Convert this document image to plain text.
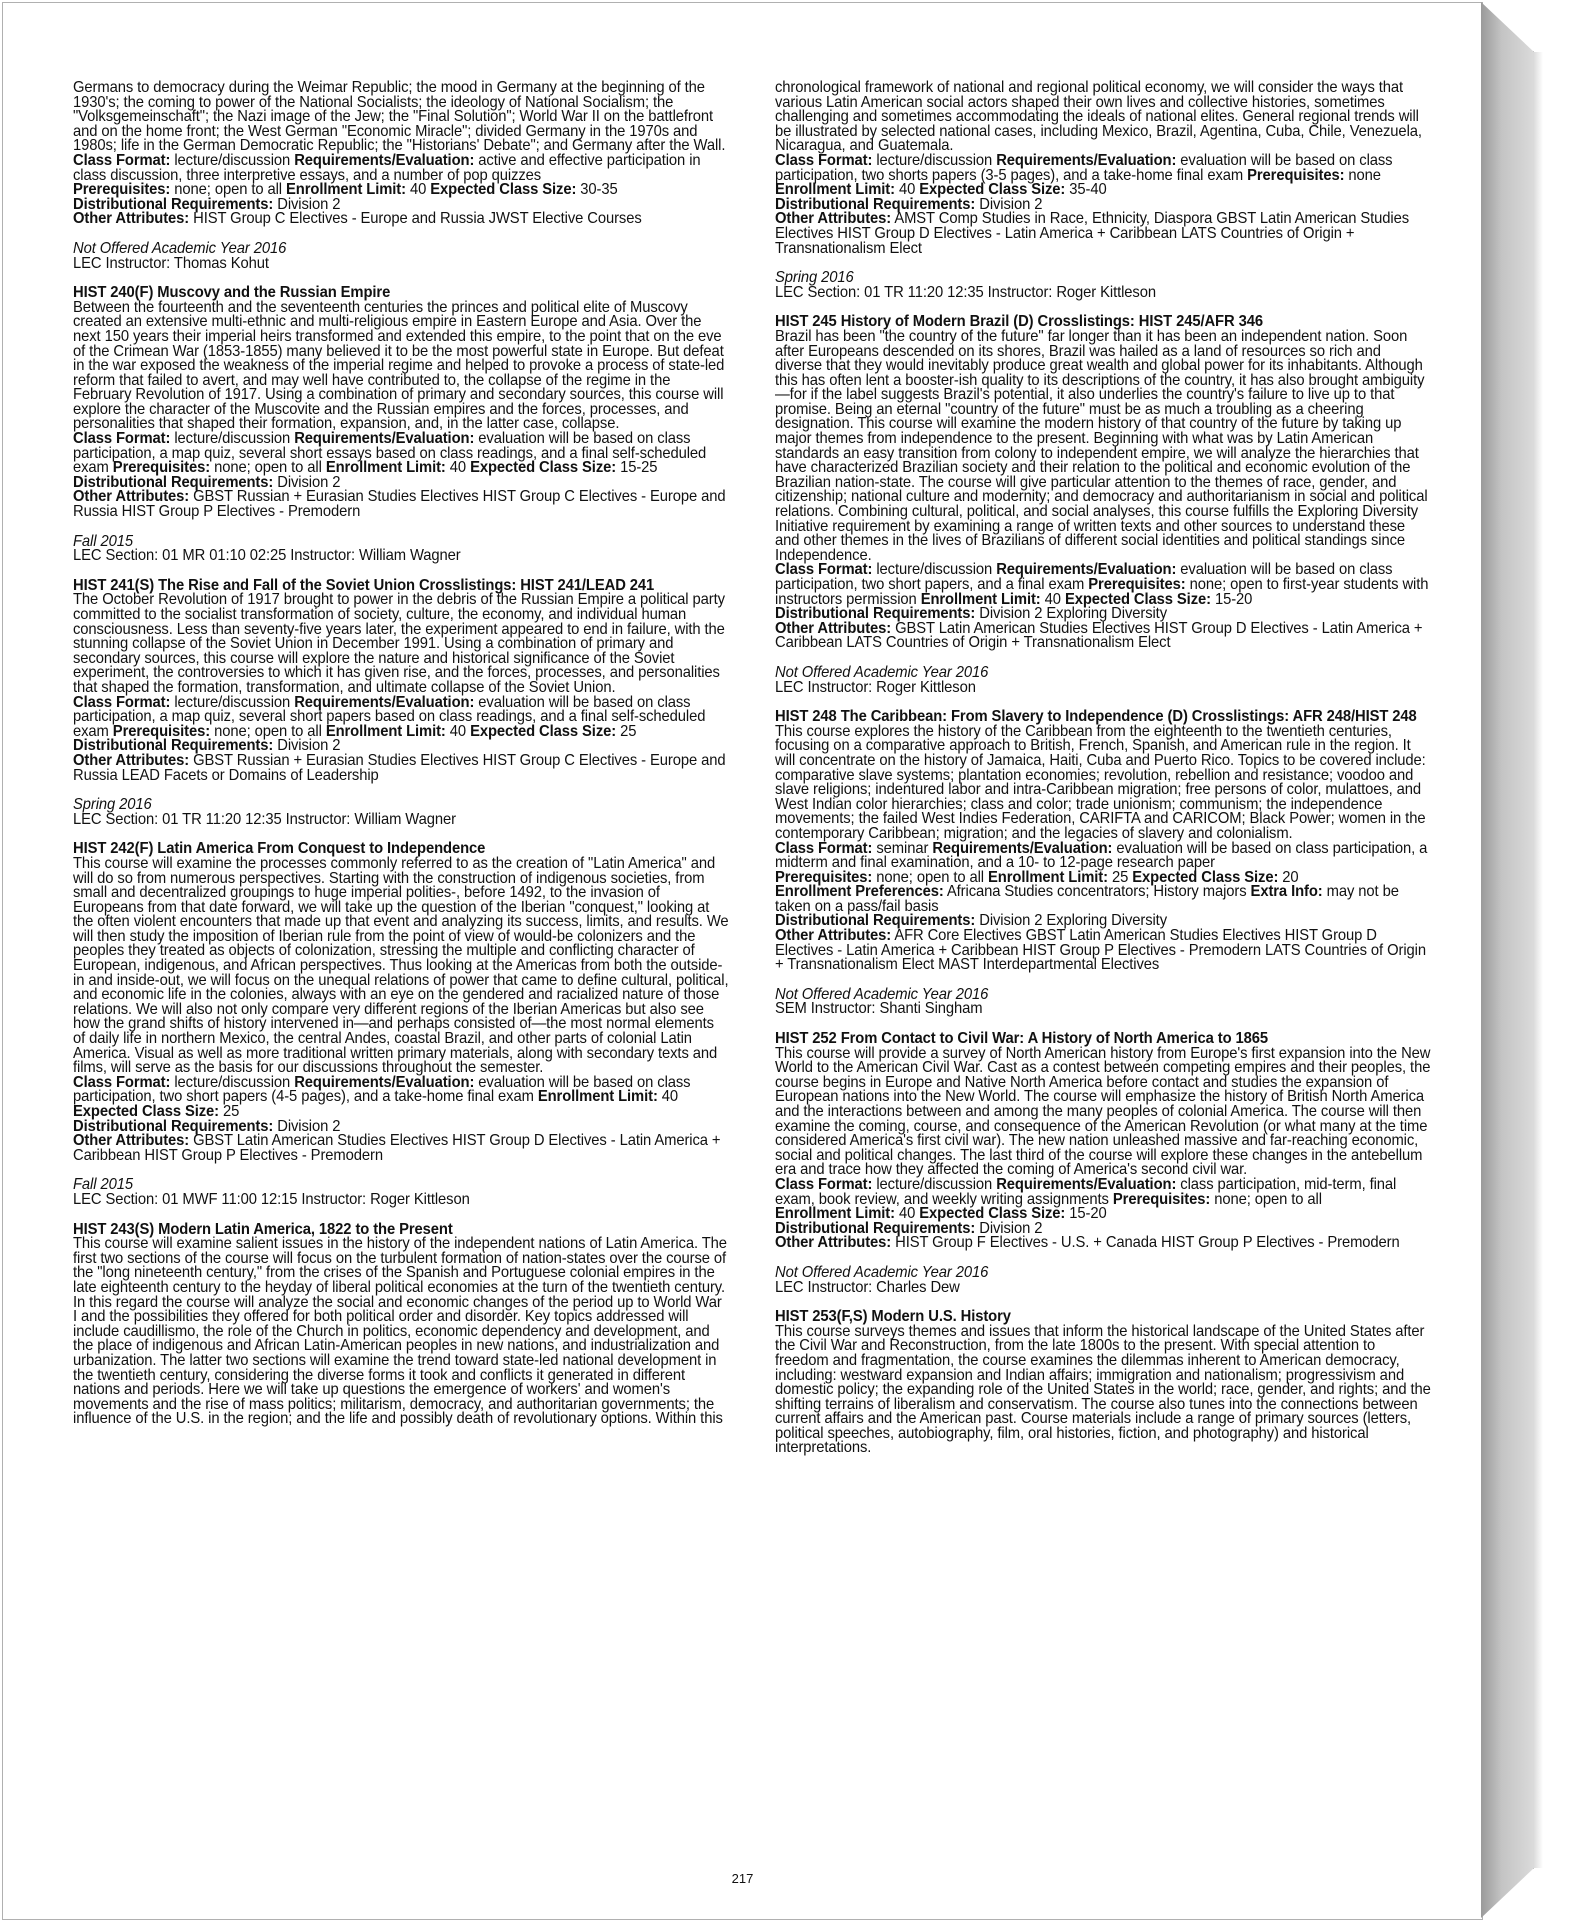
Germans to democracy during the Weimar Republic; the mood in Germany at the beginning of the 1930's; the coming to power of the National Socialists; the ideology of National Socialism; the "Volksgemeinschaft"; the Nazi image of the Jew; the "Final Solution"; World War II on the battlefront and on the home front; the West German "Economic Miracle"; divided Germany in the 1970s and 1980s; life in the German Democratic Republic; the "Historians' Debate"; and Germany after the Wall.

Class Format: lecture/discussion Requirements/Evaluation: active and effective participation in class discussion, three interpretive essays, and a number of pop quizzes

Prerequisites: none; open to all Enrollment Limit: 40 Expected Class Size: 30-35

Distributional Requirements: Division 2

Other Attributes: HIST Group C Electives - Europe and Russia JWST Elective Courses

Not Offered Academic Year 2016

LEC Instructor: Thomas Kohut

HIST 240(F) Muscovy and the Russian Empire

Between the fourteenth and the seventeenth centuries the princes and political elite of Muscovy created an extensive multi-ethnic and multi-religious empire in Eastern Europe and Asia. Over the next 150 years their imperial heirs transformed and extended this empire, to the point that on the eve of the Crimean War (1853-1855) many believed it to be the most powerful state in Europe. But defeat in the war exposed the weakness of the imperial regime and helped to provoke a process of state-led reform that failed to avert, and may well have contributed to, the collapse of the regime in the February Revolution of 1917. Using a combination of primary and secondary sources, this course will explore the character of the Muscovite and the Russian empires and the forces, processes, and personalities that shaped their formation, expansion, and, in the latter case, collapse.

Class Format: lecture/discussion Requirements/Evaluation: evaluation will be based on class participation, a map quiz, several short essays based on class readings, and a final self-scheduled exam Prerequisites: none; open to all Enrollment Limit: 40 Expected Class Size: 15-25

Distributional Requirements: Division 2

Other Attributes: GBST Russian + Eurasian Studies Electives HIST Group C Electives - Europe and Russia HIST Group P Electives - Premodern

Fall 2015

LEC Section: 01 MR 01:10 02:25 Instructor: William Wagner

HIST 241(S) The Rise and Fall of the Soviet Union Crosslistings: HIST 241/LEAD 241

The October Revolution of 1917 brought to power in the debris of the Russian Empire a political party committed to the socialist transformation of society, culture, the economy, and individual human consciousness. Less than seventy-five years later, the experiment appeared to end in failure, with the stunning collapse of the Soviet Union in December 1991. Using a combination of primary and secondary sources, this course will explore the nature and historical significance of the Soviet experiment, the controversies to which it has given rise, and the forces, processes, and personalities that shaped the formation, transformation, and ultimate collapse of the Soviet Union.

Class Format: lecture/discussion Requirements/Evaluation: evaluation will be based on class participation, a map quiz, several short papers based on class readings, and a final self-scheduled exam Prerequisites: none; open to all Enrollment Limit: 40 Expected Class Size: 25

Distributional Requirements: Division 2

Other Attributes: GBST Russian + Eurasian Studies Electives HIST Group C Electives - Europe and Russia LEAD Facets or Domains of Leadership

Spring 2016

LEC Section: 01 TR 11:20 12:35 Instructor: William Wagner

HIST 242(F) Latin America From Conquest to Independence

This course will examine the processes commonly referred to as the creation of "Latin America" and will do so from numerous perspectives. Starting with the construction of indigenous societies, from small and decentralized groupings to huge imperial polities-, before 1492, to the invasion of Europeans from that date forward, we will take up the question of the Iberian "conquest," looking at the often violent encounters that made up that event and analyzing its success, limits, and results. We will then study the imposition of Iberian rule from the point of view of would-be colonizers and the peoples they treated as objects of colonization, stressing the multiple and conflicting character of European, indigenous, and African perspectives. Thus looking at the Americas from both the outside-in and inside-out, we will focus on the unequal relations of power that came to define cultural, political, and economic life in the colonies, always with an eye on the gendered and racialized nature of those relations. We will also not only compare very different regions of the Iberian Americas but also see how the grand shifts of history intervened in—and perhaps consisted of—the most normal elements of daily life in northern Mexico, the central Andes, coastal Brazil, and other parts of colonial Latin America. Visual as well as more traditional written primary materials, along with secondary texts and films, will serve as the basis for our discussions throughout the semester.

Class Format: lecture/discussion Requirements/Evaluation: evaluation will be based on class participation, two short papers (4-5 pages), and a take-home final exam Enrollment Limit: 40 Expected Class Size: 25

Distributional Requirements: Division 2

Other Attributes: GBST Latin American Studies Electives HIST Group D Electives - Latin America + Caribbean HIST Group P Electives - Premodern

Fall 2015

LEC Section: 01 MWF 11:00 12:15 Instructor: Roger Kittleson

HIST 243(S) Modern Latin America, 1822 to the Present

This course will examine salient issues in the history of the independent nations of Latin America. The first two sections of the course will focus on the turbulent formation of nation-states over the course of the "long nineteenth century," from the crises of the Spanish and Portuguese colonial empires in the late eighteenth century to the heyday of liberal political economies at the turn of the twentieth century. In this regard the course will analyze the social and economic changes of the period up to World War I and the possibilities they offered for both political order and disorder. Key topics addressed will include caudillismo, the role of the Church in politics, economic dependency and development, and the place of indigenous and African Latin-American peoples in new nations, and industrialization and urbanization. The latter two sections will examine the trend toward state-led national development in the twentieth century, considering the diverse forms it took and conflicts it generated in different nations and periods. Here we will take up questions the emergence of workers' and women's movements and the rise of mass politics; militarism, democracy, and authoritarian governments; the influence of the U.S. in the region; and the life and possibly death of revolutionary options. Within this

chronological framework of national and regional political economy, we will consider the ways that various Latin American social actors shaped their own lives and collective histories, sometimes challenging and sometimes accommodating the ideals of national elites. General regional trends will be illustrated by selected national cases, including Mexico, Brazil, Agentina, Cuba, Chile, Venezuela, Nicaragua, and Guatemala.

Class Format: lecture/discussion Requirements/Evaluation: evaluation will be based on class participation, two shorts papers (3-5 pages), and a take-home final exam Prerequisites: none Enrollment Limit: 40 Expected Class Size: 35-40

Distributional Requirements: Division 2

Other Attributes: AMST Comp Studies in Race, Ethnicity, Diaspora GBST Latin American Studies Electives HIST Group D Electives - Latin America + Caribbean LATS Countries of Origin + Transnationalism Elect

Spring 2016

LEC Section: 01 TR 11:20 12:35 Instructor: Roger Kittleson

HIST 245 History of Modern Brazil (D) Crosslistings: HIST 245/AFR 346

Brazil has been "the country of the future" far longer than it has been an independent nation. Soon after Europeans descended on its shores, Brazil was hailed as a land of resources so rich and diverse that they would inevitably produce great wealth and global power for its inhabitants. Although this has often lent a booster-ish quality to its descriptions of the country, it has also brought ambiguity—for if the label suggests Brazil's potential, it also underlies the country's failure to live up to that promise. Being an eternal "country of the future" must be as much a troubling as a cheering designation. This course will examine the modern history of that country of the future by taking up major themes from independence to the present. Beginning with what was by Latin American standards an easy transition from colony to independent empire, we will analyze the hierarchies that have characterized Brazilian society and their relation to the political and economic evolution of the Brazilian nation-state. The course will give particular attention to the themes of race, gender, and citizenship; national culture and modernity; and democracy and authoritarianism in social and political relations. Combining cultural, political, and social analyses, this course fulfills the Exploring Diversity Initiative requirement by examining a range of written texts and other sources to understand these and other themes in the lives of Brazilians of different social identities and political standings since Independence.

Class Format: lecture/discussion Requirements/Evaluation: evaluation will be based on class participation, two short papers, and a final exam Prerequisites: none; open to first-year students with instructors permission Enrollment Limit: 40 Expected Class Size: 15-20

Distributional Requirements: Division 2 Exploring Diversity

Other Attributes: GBST Latin American Studies Electives HIST Group D Electives - Latin America + Caribbean LATS Countries of Origin + Transnationalism Elect

Not Offered Academic Year 2016

LEC Instructor: Roger Kittleson

HIST 248 The Caribbean: From Slavery to Independence (D) Crosslistings: AFR 248/HIST 248

This course explores the history of the Caribbean from the eighteenth to the twentieth centuries, focusing on a comparative approach to British, French, Spanish, and American rule in the region. It will concentrate on the history of Jamaica, Haiti, Cuba and Puerto Rico. Topics to be covered include: comparative slave systems; plantation economies; revolution, rebellion and resistance; voodoo and slave religions; indentured labor and intra-Caribbean migration; free persons of color, mulattoes, and West Indian color hierarchies; class and color; trade unionism; communism; the independence movements; the failed West Indies Federation, CARIFTA and CARICOM; Black Power; women in the contemporary Caribbean; migration; and the legacies of slavery and colonialism.

Class Format: seminar Requirements/Evaluation: evaluation will be based on class participation, a midterm and final examination, and a 10- to 12-page research paper

Prerequisites: none; open to all Enrollment Limit: 25 Expected Class Size: 20

Enrollment Preferences: Africana Studies concentrators; History majors Extra Info: may not be taken on a pass/fail basis

Distributional Requirements: Division 2 Exploring Diversity

Other Attributes: AFR Core Electives GBST Latin American Studies Electives HIST Group D Electives - Latin America + Caribbean HIST Group P Electives - Premodern LATS Countries of Origin + Transnationalism Elect MAST Interdepartmental Electives

Not Offered Academic Year 2016

SEM Instructor: Shanti Singham

HIST 252 From Contact to Civil War: A History of North America to 1865

This course will provide a survey of North American history from Europe's first expansion into the New World to the American Civil War. Cast as a contest between competing empires and their peoples, the course begins in Europe and Native North America before contact and studies the expansion of European nations into the New World. The course will emphasize the history of British North America and the interactions between and among the many peoples of colonial America. The course will then examine the coming, course, and consequence of the American Revolution (or what many at the time considered America's first civil war). The new nation unleashed massive and far-reaching economic, social and political changes. The last third of the course will explore these changes in the antebellum era and trace how they affected the coming of America's second civil war.

Class Format: lecture/discussion Requirements/Evaluation: class participation, mid-term, final exam, book review, and weekly writing assignments Prerequisites: none; open to all

Enrollment Limit: 40 Expected Class Size: 15-20

Distributional Requirements: Division 2

Other Attributes: HIST Group F Electives - U.S. + Canada HIST Group P Electives - Premodern

Not Offered Academic Year 2016

LEC Instructor: Charles Dew

HIST 253(F,S) Modern U.S. History

This course surveys themes and issues that inform the historical landscape of the United States after the Civil War and Reconstruction, from the late 1800s to the present. With special attention to freedom and fragmentation, the course examines the dilemmas inherent to American democracy, including: westward expansion and Indian affairs; immigration and nationalism; progressivism and domestic policy; the expanding role of the United States in the world; race, gender, and rights; and the shifting terrains of liberalism and conservatism. The course also tunes into the connections between current affairs and the American past. Course materials include a range of primary sources (letters, political speeches, autobiography, film, oral histories, fiction, and photography) and historical interpretations.

217
